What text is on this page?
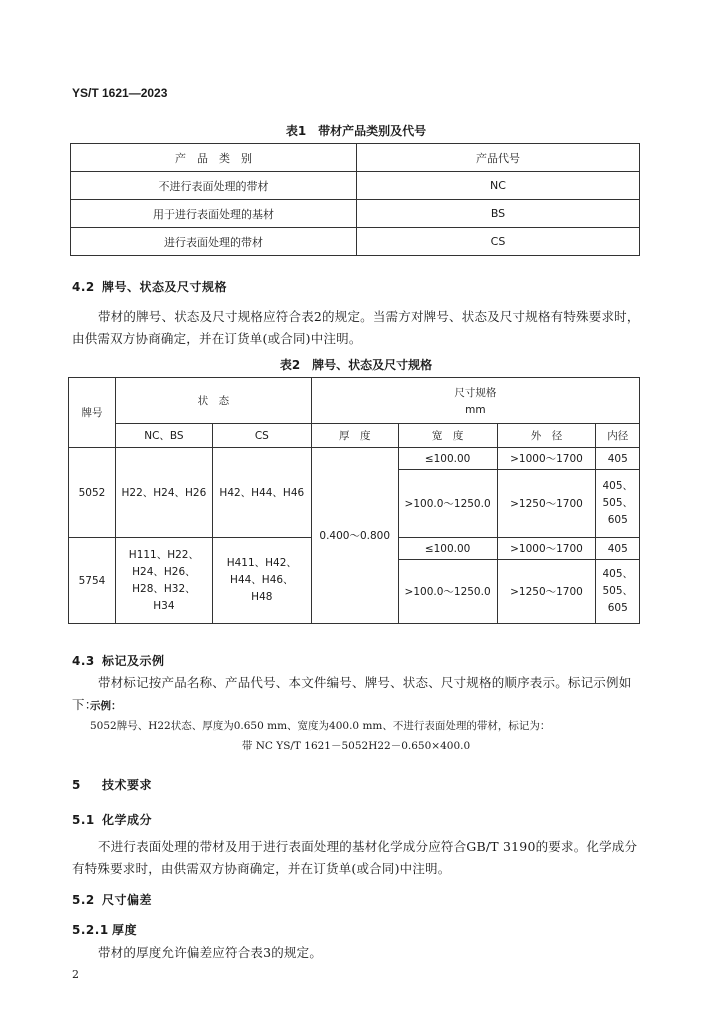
YS/T 1621—2023
表1　带材产品类别及代号
产　品　类　别	产品代号
不进行表面处理的带材	NC
用于进行表面处理的基材	BS
进行表面处理的带材	CS
4.2 牌号、状态及尺寸规格
带材的牌号、状态及尺寸规格应符合表2的规定。当需方对牌号、状态及尺寸规格有特殊要求时，由供需双方协商确定，并在订货单(或合同)中注明。
表2　牌号、状态及尺寸规格
牌号	状　态		尺寸规格
mm			

	NC、BS	CS	厚　度	宽　度	外　径	内径
5052	H22、H24、H26	H42、H44、H46	0.400～0.800	≤100.00	>1000～1700	405
				>100.0～1250.0	>1250～1700	405、505、605
5754	H111、H22、H24、H26、H28、H32、H34	H411、H42、H44、H46、H48		≤100.00	>1000～1700	405
				>100.0～1250.0	>1250～1700	405、505、605
4.3 标记及示例
带材标记按产品名称、产品代号、本文件编号、牌号、状态、尺寸规格的顺序表示。标记示例如下：
示例：
5052牌号、H22状态、厚度为0.650 mm、宽度为400.0 mm、不进行表面处理的带材，标记为：
带 NC YS/T 1621－5052H22－0.650×400.0
5 技术要求
5.1 化学成分
不进行表面处理的带材及用于进行表面处理的基材化学成分应符合GB/T 3190的要求。化学成分有特殊要求时，由供需双方协商确定，并在订货单(或合同)中注明。
5.2 尺寸偏差
5.2.1 厚度
带材的厚度允许偏差应符合表3的规定。
2
